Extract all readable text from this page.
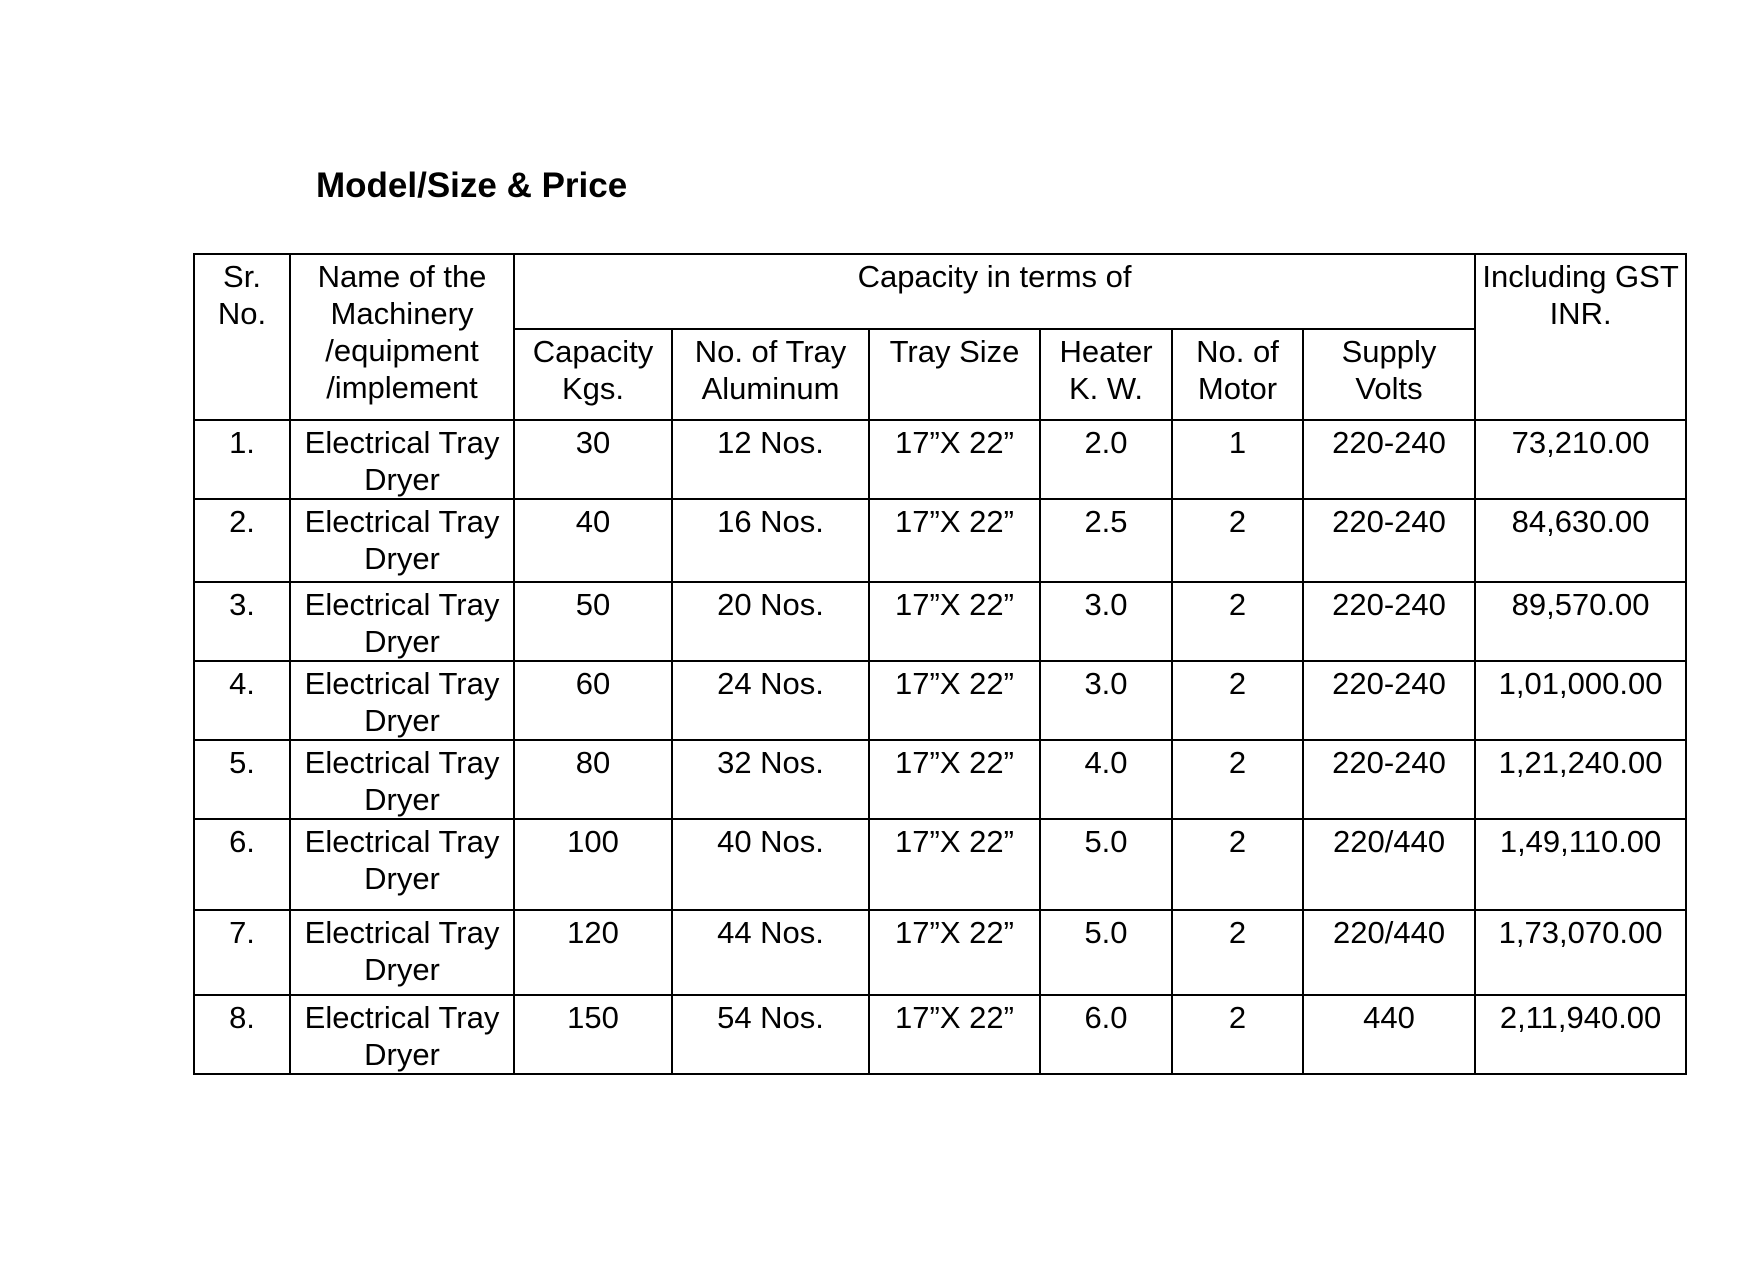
Model/Size & Price
Sr. No.	Name of the Machinery /equipment /implement	Capacity in terms of						Including GST INR.
		Capacity Kgs.	No. of Tray Aluminum	Tray Size	Heater K. W.	No. of Motor	Supply Volts	
1.	Electrical Tray Dryer	30	12 Nos.	17”X 22”	2.0	1	220-240	73,210.00
2.	Electrical Tray Dryer	40	16 Nos.	17”X 22”	2.5	2	220-240	84,630.00
3.	Electrical Tray Dryer	50	20 Nos.	17”X 22”	3.0	2	220-240	89,570.00
4.	Electrical Tray Dryer	60	24 Nos.	17”X 22”	3.0	2	220-240	1,01,000.00
5.	Electrical Tray Dryer	80	32 Nos.	17”X 22”	4.0	2	220-240	1,21,240.00
6.	Electrical Tray Dryer	100	40 Nos.	17”X 22”	5.0	2	220/440	1,49,110.00
7.	Electrical Tray Dryer	120	44 Nos.	17”X 22”	5.0	2	220/440	1,73,070.00
8.	Electrical Tray Dryer	150	54 Nos.	17”X 22”	6.0	2	440	2,11,940.00
